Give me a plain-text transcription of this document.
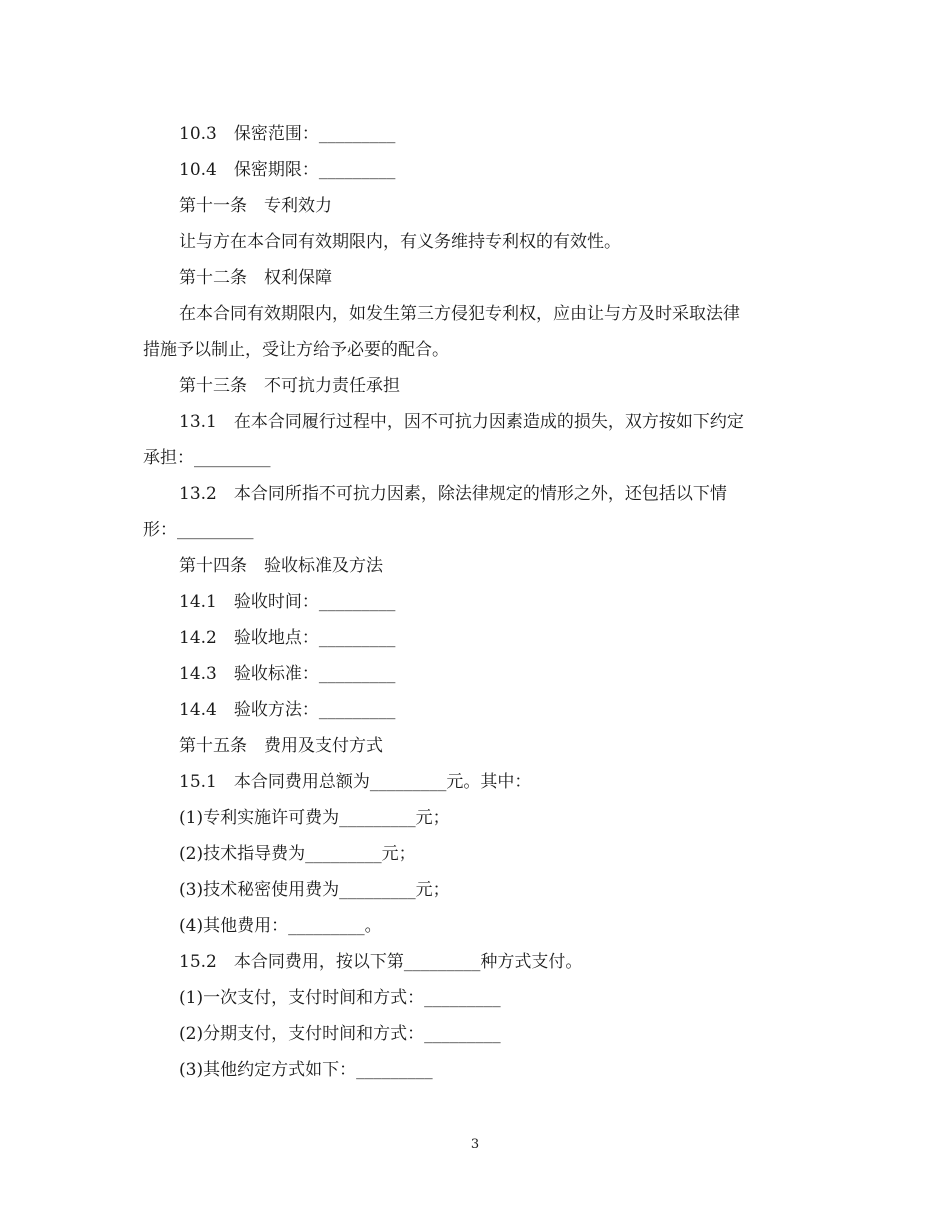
10.3　保密范围：_________
10.4　保密期限：_________
第十一条　专利效力
让与方在本合同有效期限内，有义务维持专利权的有效性。
第十二条　权利保障
在本合同有效期限内，如发生第三方侵犯专利权，应由让与方及时采取法律
措施予以制止，受让方给予必要的配合。
第十三条　不可抗力责任承担
13.1　在本合同履行过程中，因不可抗力因素造成的损失，双方按如下约定
承担：_________
13.2　本合同所指不可抗力因素，除法律规定的情形之外，还包括以下情
形：_________
第十四条　验收标准及方法
14.1　验收时间：_________
14.2　验收地点：_________
14.3　验收标准：_________
14.4　验收方法：_________
第十五条　费用及支付方式
15.1　本合同费用总额为_________元。其中：
(1)专利实施许可费为_________元；
(2)技术指导费为_________元；
(3)技术秘密使用费为_________元；
(4)其他费用：_________。
15.2　本合同费用，按以下第_________种方式支付。
(1)一次支付，支付时间和方式：_________
(2)分期支付，支付时间和方式：_________
(3)其他约定方式如下：_________
3
